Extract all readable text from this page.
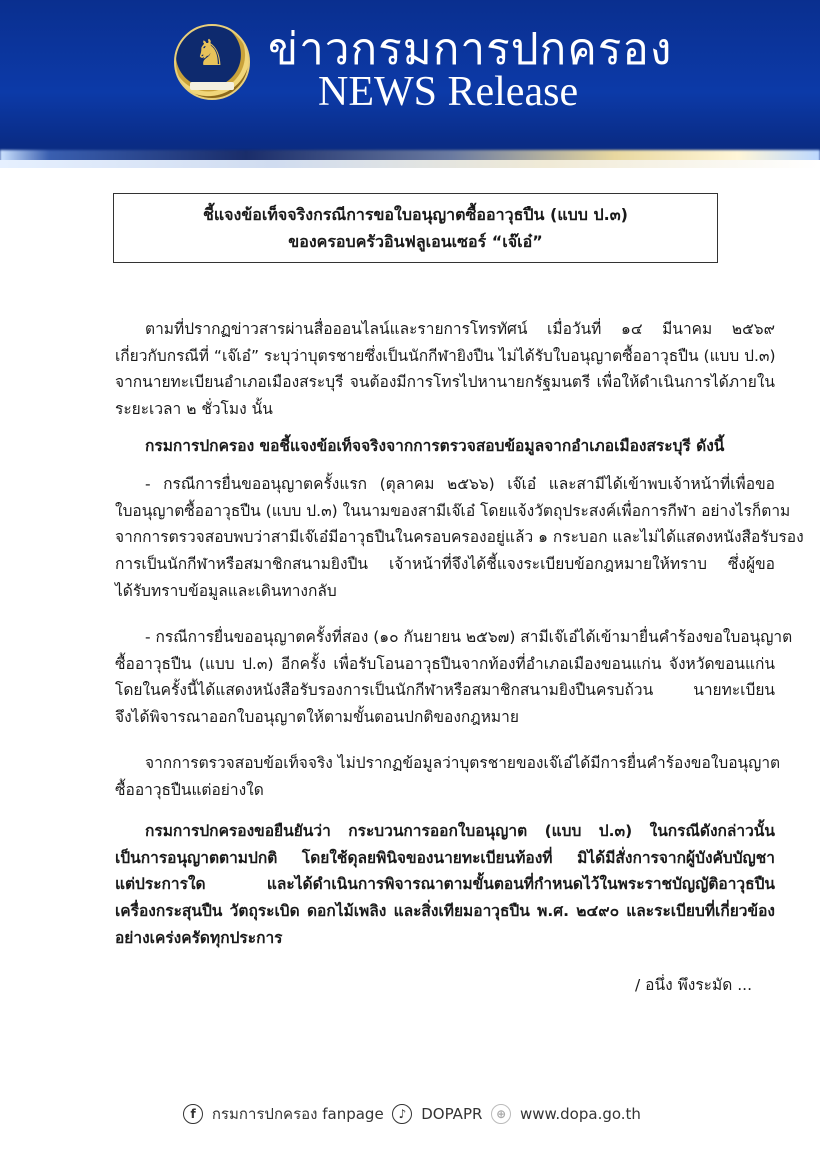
♞ ข่าวกรมการปกครอง
NEWS Release
ชี้แจงข้อเท็จจริงกรณีการขอใบอนุญาตซื้ออาวุธปืน (แบบ ป.๓)
ของครอบครัวอินฟลูเอนเซอร์ “เจ๊เอ๋”
ตามที่ปรากฏข่าวสารผ่านสื่อออนไลน์และรายการโทรทัศน์ เมื่อวันที่ ๑๔ มีนาคม ๒๕๖๙
เกี่ยวกับกรณีที่ “เจ๊เอ๋” ระบุว่าบุตรชายซึ่งเป็นนักกีฬายิงปืน ไม่ได้รับใบอนุญาตซื้ออาวุธปืน (แบบ ป.๓)
จากนายทะเบียนอำเภอเมืองสระบุรี จนต้องมีการโทรไปหานายกรัฐมนตรี เพื่อให้ดำเนินการได้ภายใน
ระยะเวลา ๒ ชั่วโมง นั้น
กรมการปกครอง ขอชี้แจงข้อเท็จจริงจากการตรวจสอบข้อมูลจากอำเภอเมืองสระบุรี ดังนี้
- กรณีการยื่นขออนุญาตครั้งแรก (ตุลาคม ๒๕๖๖) เจ๊เอ๋ และสามีได้เข้าพบเจ้าหน้าที่เพื่อขอ
ใบอนุญาตซื้ออาวุธปืน (แบบ ป.๓) ในนามของสามีเจ๊เอ๋ โดยแจ้งวัตถุประสงค์เพื่อการกีฬา อย่างไรก็ตาม
จากการตรวจสอบพบว่าสามีเจ๊เอ๋มีอาวุธปืนในครอบครองอยู่แล้ว ๑ กระบอก และไม่ได้แสดงหนังสือรับรอง
การเป็นนักกีฬาหรือสมาชิกสนามยิงปืน เจ้าหน้าที่จึงได้ชี้แจงระเบียบข้อกฎหมายให้ทราบ ซึ่งผู้ขอ
ได้รับทราบข้อมูลและเดินทางกลับ
- กรณีการยื่นขออนุญาตครั้งที่สอง (๑๐ กันยายน ๒๕๖๗) สามีเจ๊เอ๋ได้เข้ามายื่นคำร้องขอใบอนุญาต
ซื้ออาวุธปืน (แบบ ป.๓) อีกครั้ง เพื่อรับโอนอาวุธปืนจากท้องที่อำเภอเมืองขอนแก่น จังหวัดขอนแก่น
โดยในครั้งนี้ได้แสดงหนังสือรับรองการเป็นนักกีฬาหรือสมาชิกสนามยิงปืนครบถ้วน นายทะเบียน
จึงได้พิจารณาออกใบอนุญาตให้ตามขั้นตอนปกติของกฎหมาย
จากการตรวจสอบข้อเท็จจริง ไม่ปรากฏข้อมูลว่าบุตรชายของเจ๊เอ๋ได้มีการยื่นคำร้องขอใบอนุญาต
ซื้ออาวุธปืนแต่อย่างใด
กรมการปกครองขอยืนยันว่า กระบวนการออกใบอนุญาต (แบบ ป.๓) ในกรณีดังกล่าวนั้น
เป็นการอนุญาตตามปกติ โดยใช้ดุลยพินิจของนายทะเบียนท้องที่ มิได้มีสั่งการจากผู้บังคับบัญชา
แต่ประการใด และได้ดำเนินการพิจารณาตามขั้นตอนที่กำหนดไว้ในพระราชบัญญัติอาวุธปืน
เครื่องกระสุนปืน วัตถุระเบิด ดอกไม้เพลิง และสิ่งเทียมอาวุธปืน พ.ศ. ๒๔๙๐ และระเบียบที่เกี่ยวข้อง
อย่างเคร่งครัดทุกประการ
/ อนึ่ง พึงระมัด ...
f กรมการปกครอง fanpage ♪ DOPAPR ⊕ www.dopa.go.th
